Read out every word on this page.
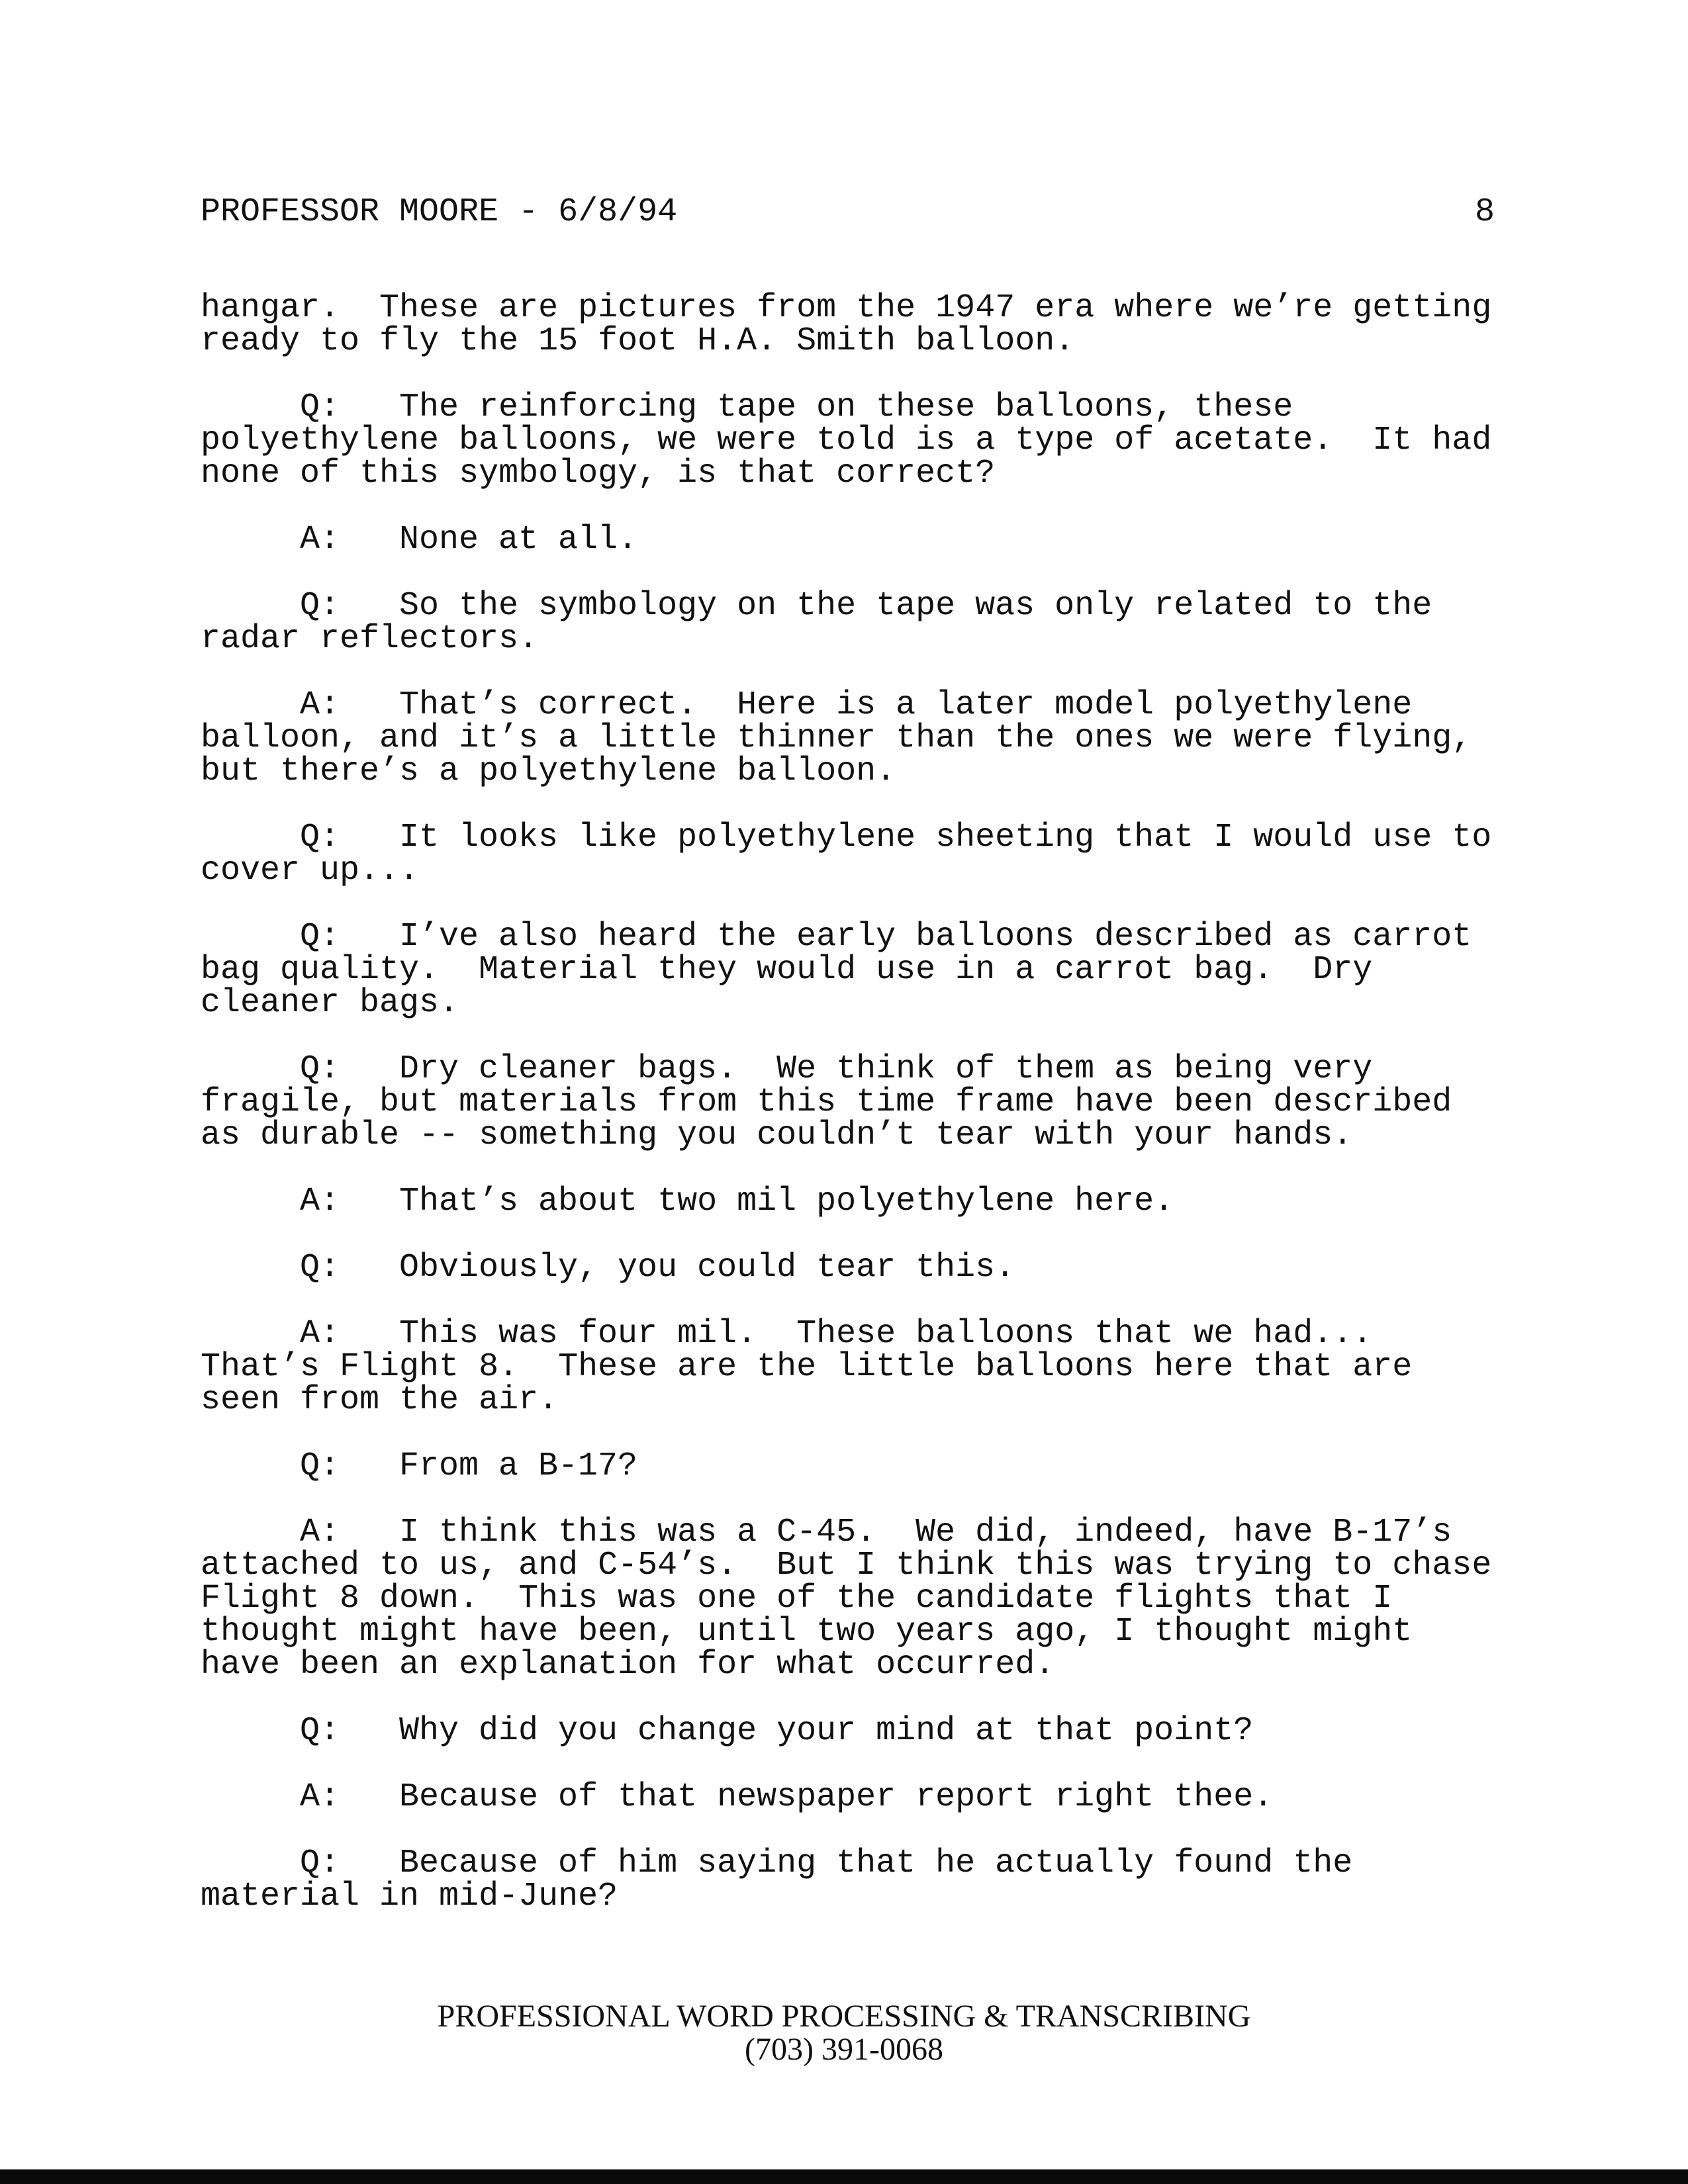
PROFESSOR MOORE - 6/8/94	8

hangar.  These are pictures from the 1947 era where we’re getting ready to fly the 15 foot H.A. Smith balloon.

Q: The reinforcing tape on these balloons, these polyethylene balloons, we were told is a type of acetate.  It had none of this symbology, is that correct?

A: None at all.

Q: So the symbology on the tape was only related to the radar reflectors.

A: That’s correct.  Here is a later model polyethylene balloon, and it’s a little thinner than the ones we were flying, but there’s a polyethylene balloon.

Q: It looks like polyethylene sheeting that I would use to cover up...

Q: I’ve also heard the early balloons described as carrot bag quality.  Material they would use in a carrot bag.  Dry cleaner bags.

Q: Dry cleaner bags.  We think of them as being very fragile, but materials from this time frame have been described as durable -- something you couldn’t tear with your hands.

A: That’s about two mil polyethylene here.

Q: Obviously, you could tear this.

A: This was four mil.  These balloons that we had... That’s Flight 8.  These are the little balloons here that are seen from the air.

Q: From a B-17?

A: I think this was a C-45.  We did, indeed, have B-17’s attached to us, and C-54’s.  But I think this was trying to chase Flight 8 down.  This was one of the candidate flights that I thought might have been, until two years ago, I thought might have been an explanation for what occurred.

Q: Why did you change your mind at that point?

A: Because of that newspaper report right thee.

Q: Because of him saying that he actually found the material in mid-June?

PROFESSIONAL WORD PROCESSING & TRANSCRIBING
(703) 391-0068
